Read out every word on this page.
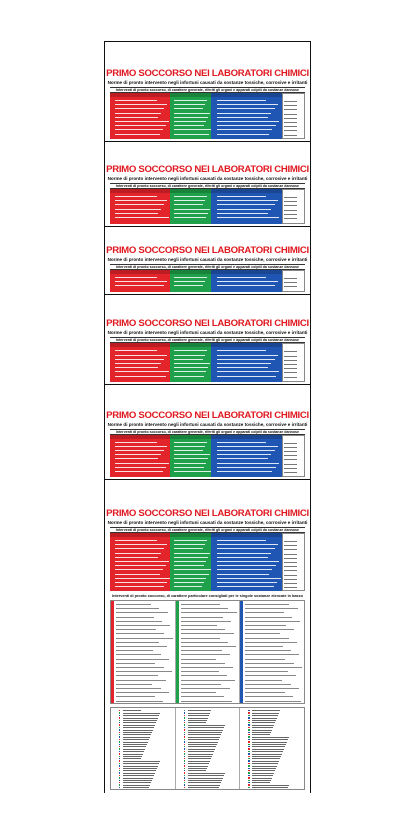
PRIMO SOCCORSO NEI LABORATORI CHIMICI
Norme di pronto intervento negli infortuni causati da sostanze tossiche, corrosive e irritanti
Interventi di pronto soccorso, di carattere generale, riferiti gli organi e apparati colpiti da sostanze dannose
PRIMO SOCCORSO NEI LABORATORI CHIMICI
Norme di pronto intervento negli infortuni causati da sostanze tossiche, corrosive e irritanti
Interventi di pronto soccorso, di carattere generale, riferiti gli organi e apparati colpiti da sostanze dannose
PRIMO SOCCORSO NEI LABORATORI CHIMICI
Norme di pronto intervento negli infortuni causati da sostanze tossiche, corrosive e irritanti
Interventi di pronto soccorso, di carattere generale, riferiti gli organi e apparati colpiti da sostanze dannose
PRIMO SOCCORSO NEI LABORATORI CHIMICI
Norme di pronto intervento negli infortuni causati da sostanze tossiche, corrosive e irritanti
Interventi di pronto soccorso, di carattere generale, riferiti gli organi e apparati colpiti da sostanze dannose
PRIMO SOCCORSO NEI LABORATORI CHIMICI
Norme di pronto intervento negli infortuni causati da sostanze tossiche, corrosive e irritanti
Interventi di pronto soccorso, di carattere generale, riferiti gli organi e apparati colpiti da sostanze dannose
PRIMO SOCCORSO NEI LABORATORI CHIMICI
Norme di pronto intervento negli infortuni causati da sostanze tossiche, corrosive e irritanti
Interventi di pronto soccorso, di carattere generale, riferiti gli organi e apparati colpiti da sostanze dannose
Interventi di pronto soccorso, di carattere particolare consigliati per le singole sostanze elencate in basso
